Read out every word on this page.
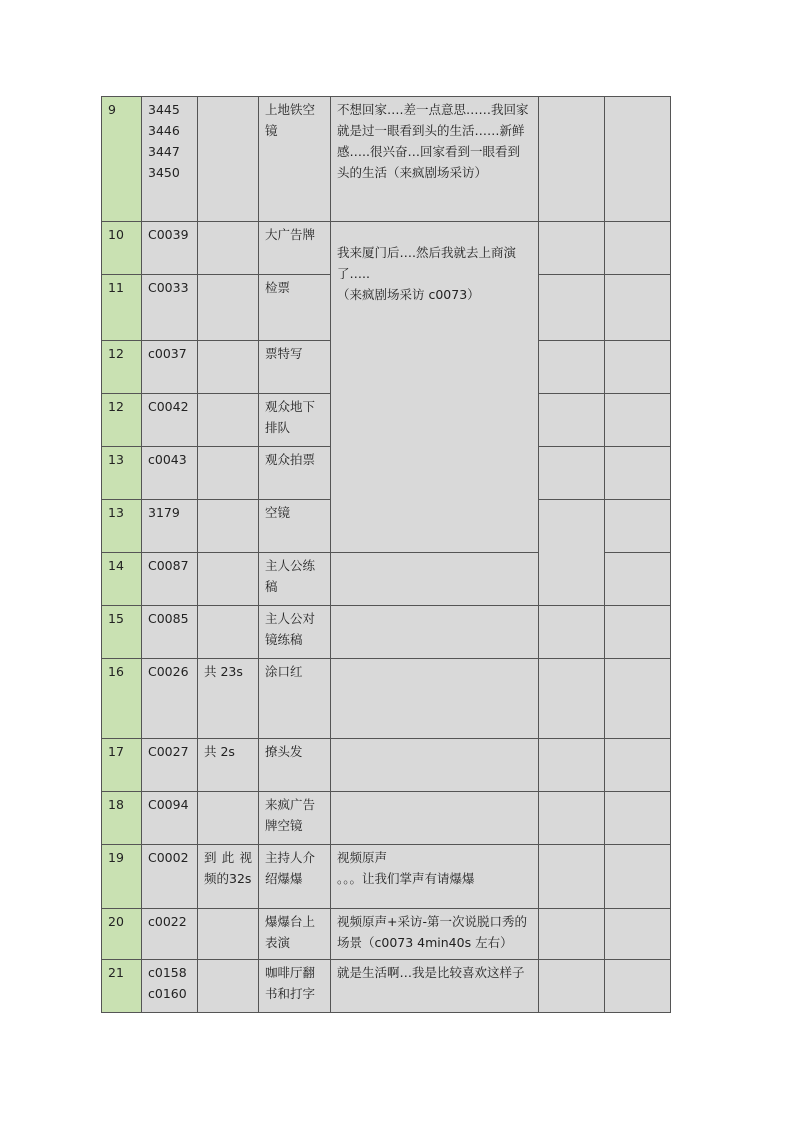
9	3445
3446
3447
3450		上地铁空镜	不想回家….差一点意思……我回家就是过一眼看到头的生活……新鲜感…..很兴奋…回家看到一眼看到头的生活（来疯剧场采访）		
10	C0039		大广告牌	我来厦门后….然后我就去上商演了…..
（来疯剧场采访 c0073）		

11	C0033		检票			
12	c0037		票特写			
12	C0042		观众地下排队			
13	c0043		观众拍票			
13	3179		空镜			
14	C0087		主人公练稿			
15	C0085		主人公对镜练稿			
16	C0026	共 23s	涂口红			
17	C0027	共 2s	撩头发			
18	C0094		来疯广告牌空镜			
19	C0002	到此视频的32s	主持人介绍爆爆	视频原声
。。。让我们掌声有请爆爆		

20	c0022		爆爆台上表演	视频原声+采访-第一次说脱口秀的场景（c0073 4min40s 左右）		
21	c0158
c0160		咖啡厅翻书和打字	就是生活啊…我是比较喜欢这样子		
